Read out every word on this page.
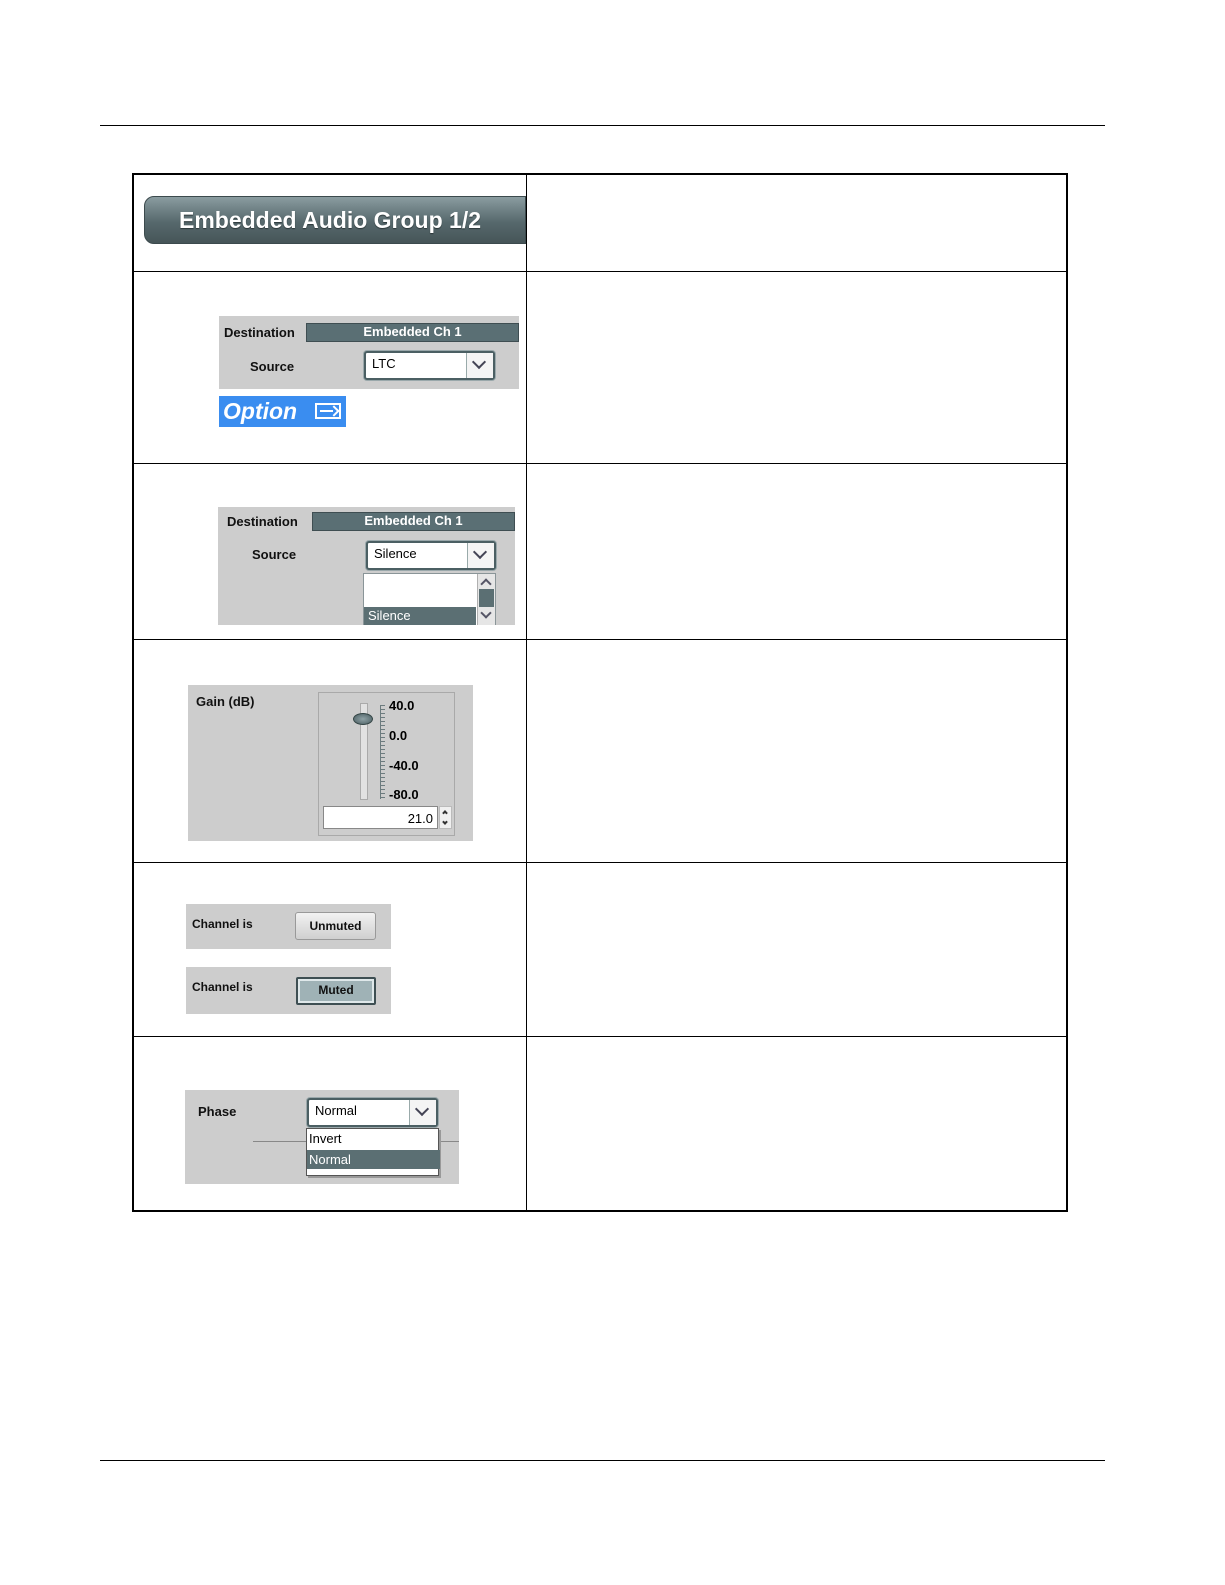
Embedded Audio Group 1/2
Destination	Embedded Ch 1
Source	LTC
Option
Destination	Embedded Ch 1
Source	Silence
Silence
Gain (dB)	40.0
0.0
-40.0
-80.0
21.0
Channel is	Unmuted
Channel is	Muted
Phase	Normal
Invert
Normal
